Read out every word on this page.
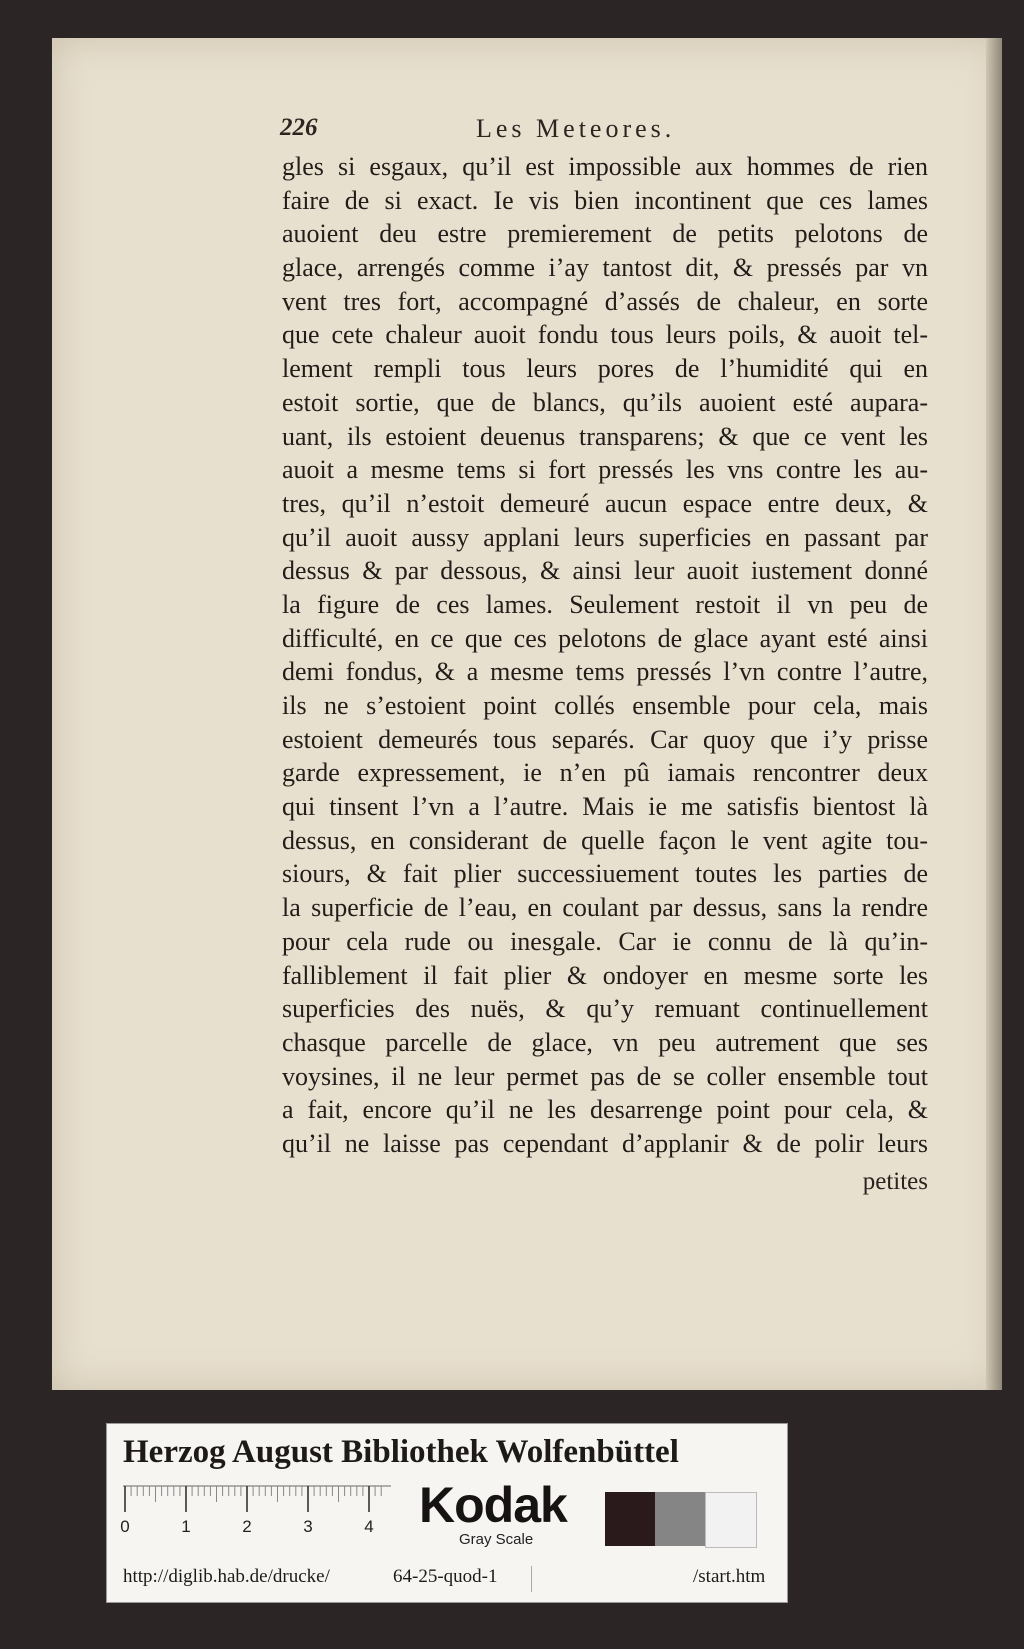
226	Les Meteores.
gles si esgaux, qu’il est impossible aux hommes de rien
faire de si exact. Ie vis bien incontinent que ces lames
auoient deu estre premierement de petits pelotons de
glace, arrengés comme i’ay tantost dit, & pressés par vn
vent tres fort, accompagné d’assés de chaleur, en sorte
que cete chaleur auoit fondu tous leurs poils, & auoit tel-
lement rempli tous leurs pores de l’humidité qui en
estoit sortie, que de blancs, qu’ils auoient esté aupara-
uant, ils estoient deuenus transparens; & que ce vent les
auoit a mesme tems si fort pressés les vns contre les au-
tres, qu’il n’estoit demeuré aucun espace entre deux, &
qu’il auoit aussy applani leurs superficies en passant par
dessus & par dessous, & ainsi leur auoit iustement donné
la figure de ces lames. Seulement restoit il vn peu de
difficulté, en ce que ces pelotons de glace ayant esté ainsi
demi fondus, & a mesme tems pressés l’vn contre l’autre,
ils ne s’estoient point collés ensemble pour cela, mais
estoient demeurés tous separés. Car quoy que i’y prisse
garde expressement, ie n’en pû iamais rencontrer deux
qui tinsent l’vn a l’autre. Mais ie me satisfis bientost là
dessus, en considerant de quelle façon le vent agite tou-
siours, & fait plier successiuement toutes les parties de
la superficie de l’eau, en coulant par dessus, sans la rendre
pour cela rude ou inesgale. Car ie connu de là qu’in-
falliblement il fait plier & ondoyer en mesme sorte les
superficies des nuës, & qu’y remuant continuellement
chasque parcelle de glace, vn peu autrement que ses
voysines, il ne leur permet pas de se coller ensemble tout
a fait, encore qu’il ne les desarrenge point pour cela, &
qu’il ne laisse pas cependant d’applanir & de polir leurs
petites
Herzog August Bibliothek Wolfenbüttel
0	1	2	3	4 Kodak
Gray Scale
http://diglib.hab.de/drucke/	64-25-quod-1	/start.htm
